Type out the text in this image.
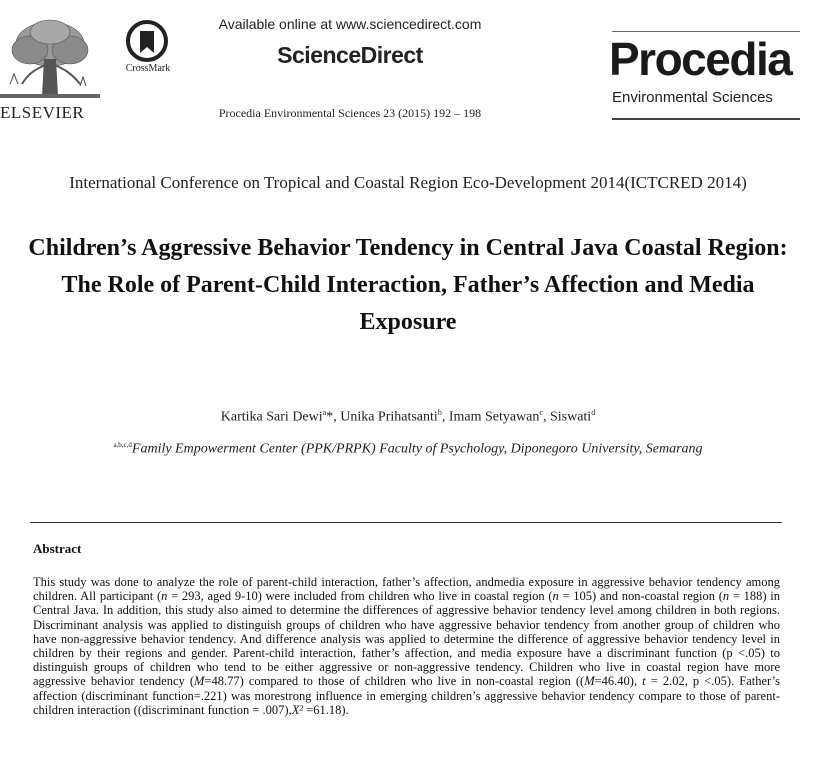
ELSEVIER
CrossMark
Available online at www.sciencedirect.com
ScienceDirect
Procedia Environmental Sciences 23 (2015) 192 – 198
Procedia
Environmental Sciences
International Conference on Tropical and Coastal Region Eco-Development 2014(ICTCRED 2014)
Children’s Aggressive Behavior Tendency in Central Java Coastal Region: The Role of Parent-Child Interaction, Father’s Affection and Media Exposure
Kartika Sari Dewi$^a$*, Unika Prihatsanti$^b$, Imam Setyawan$^c$, Siswati$^d$
$^{a,b,c,d}$Family Empowerment Center (PPK/PRPK) Faculty of Psychology, Diponegoro University, Semarang
Abstract
This study was done to analyze the role of parent-child interaction, father’s affection, andmedia exposure in aggressive behavior tendency among children. All participant (n = 293, aged 9-10) were included from children who live in coastal region (n = 105) and non-coastal region (n = 188) in Central Java. In addition, this study also aimed to determine the differences of aggressive behavior tendency level among children in both regions. Discriminant analysis was applied to distinguish groups of children who have aggressive behavior tendency from another group of children who have non-aggressive behavior tendency. And difference analysis was applied to determine the difference of aggressive behavior tendency level in children by their regions and gender. Parent-child interaction, father’s affection, and media exposure have a discriminant function (p <.05) to distinguish groups of children who tend to be either aggressive or non-aggressive tendency. Children who live in coastal region have more aggressive behavior tendency (M=48.77) compared to those of children who live in non-coastal region ((M=46.40), t = 2.02, p <.05). Father’s affection (discriminant function=.221) was morestrong influence in emerging children’s aggressive behavior tendency compare to those of parent-children interaction ((discriminant function = .007),X² =61.18).
